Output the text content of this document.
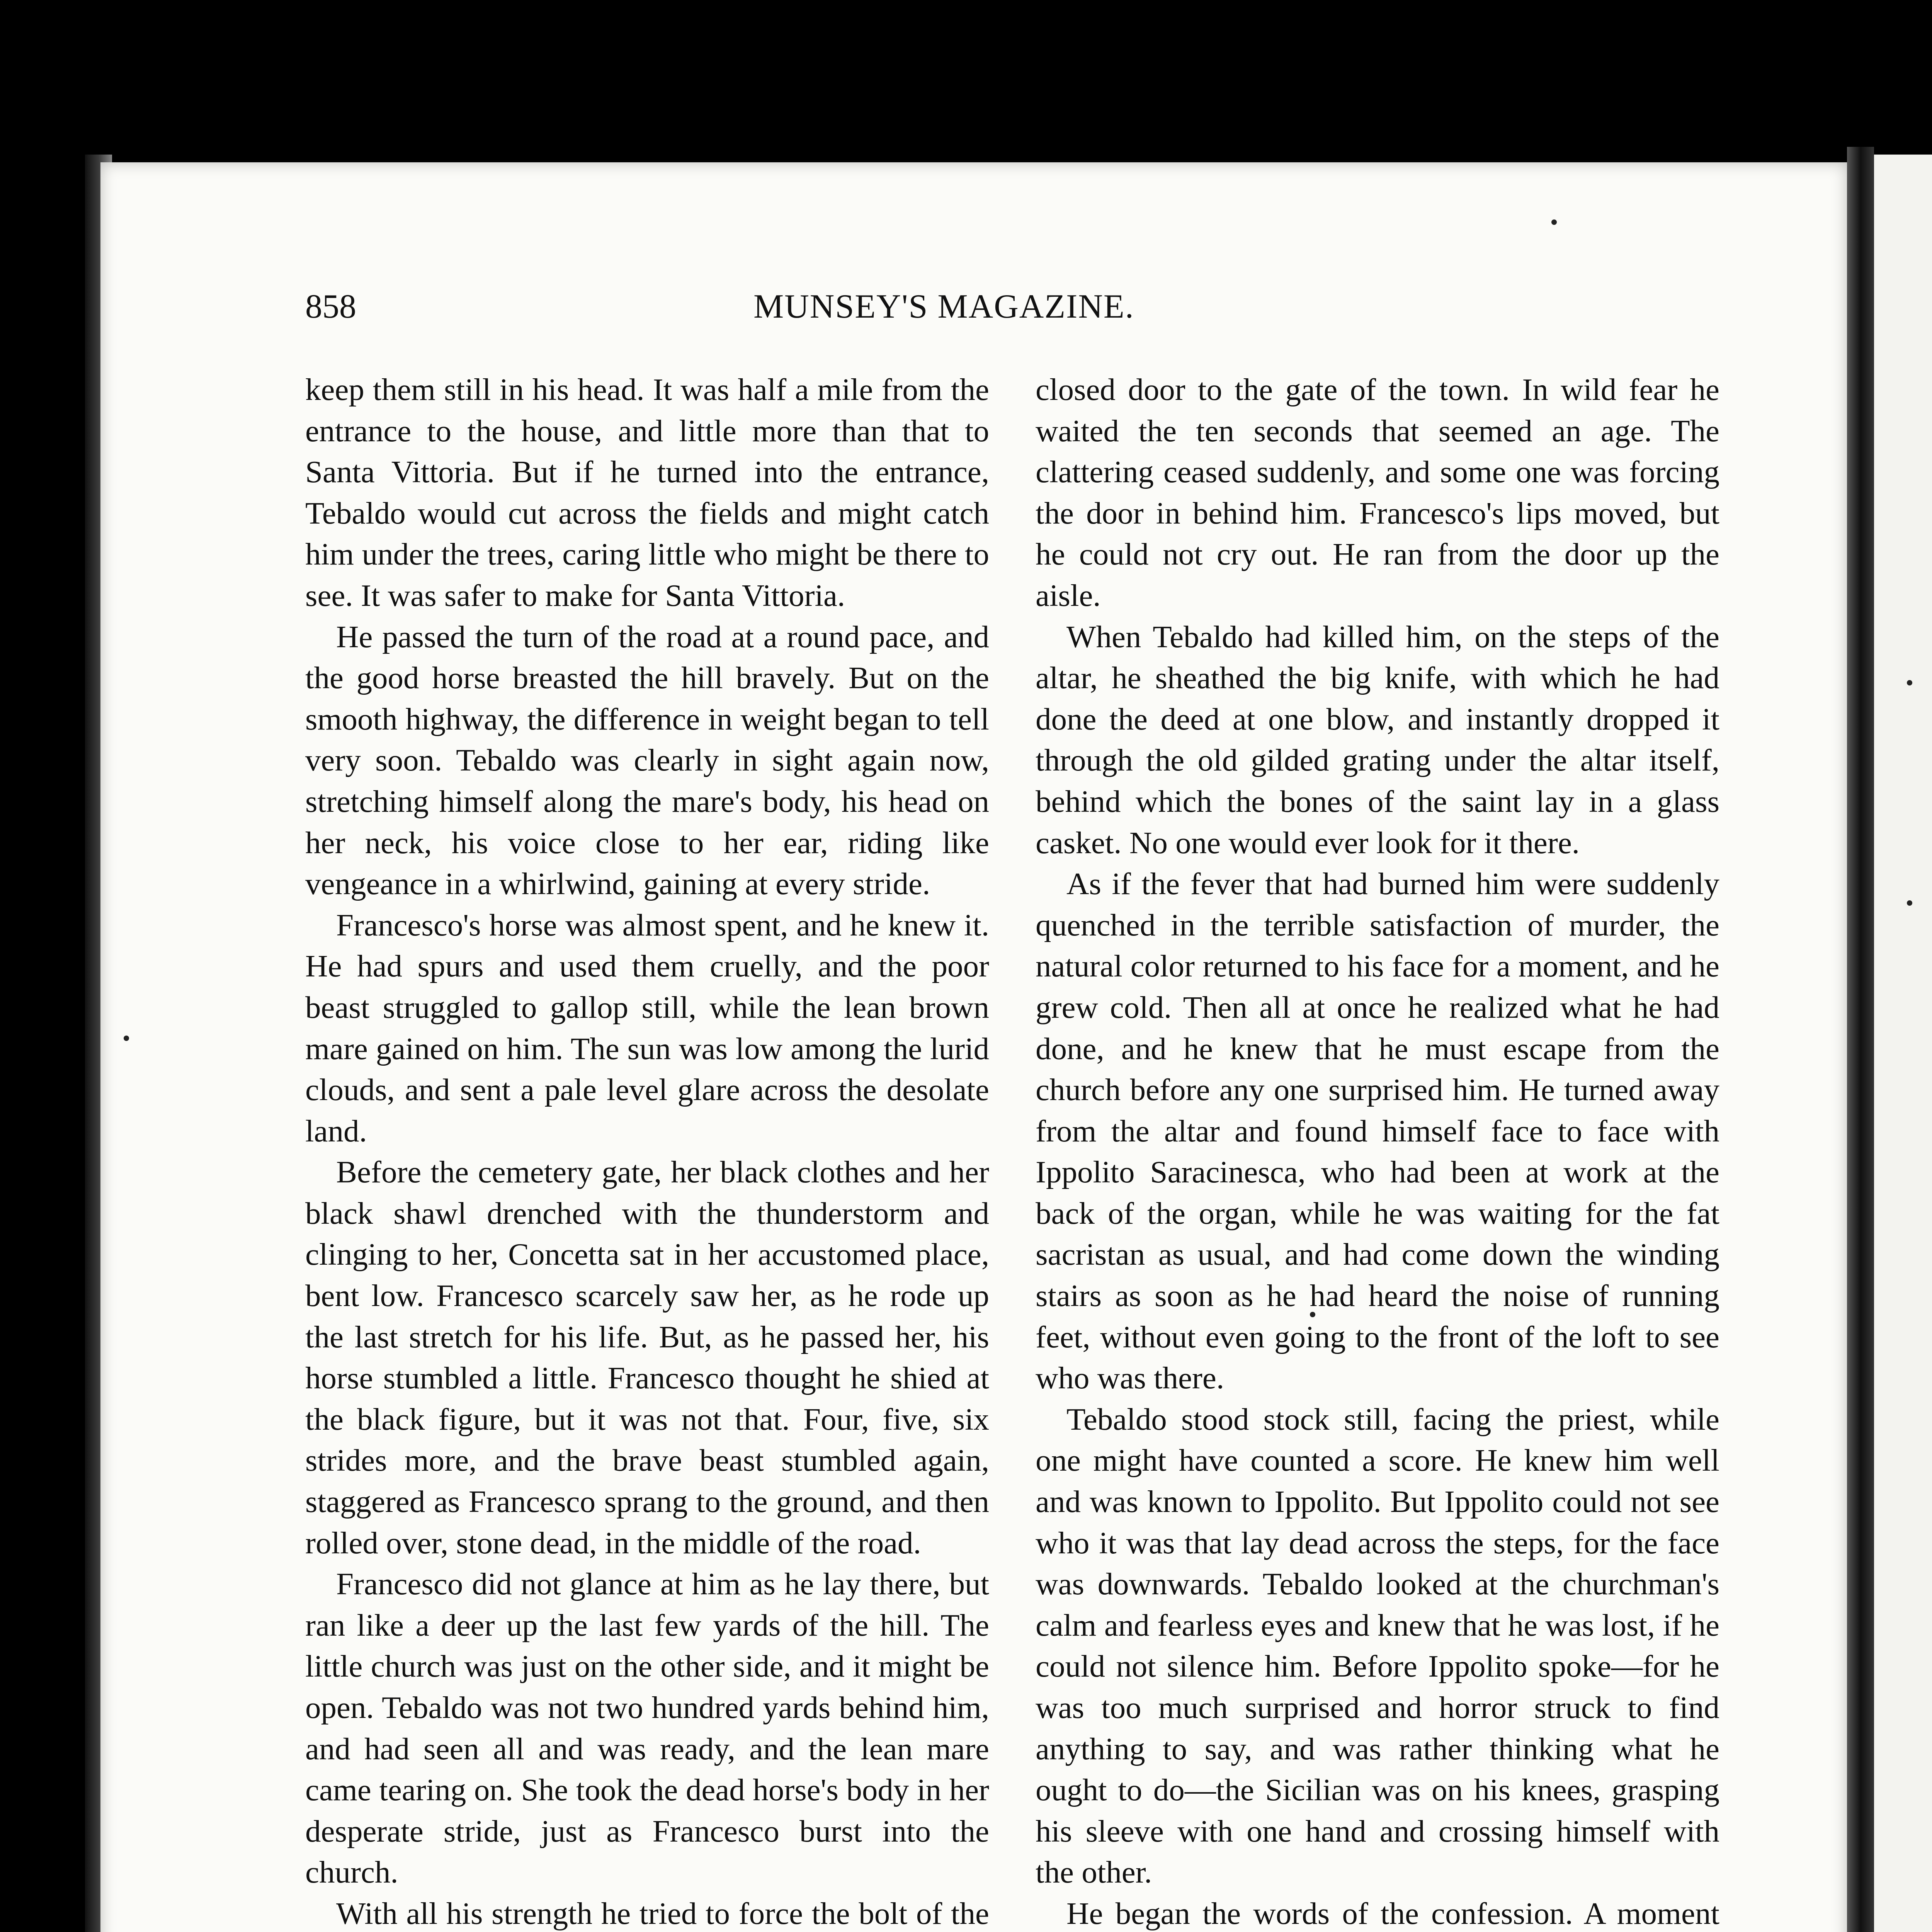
858	MUNSEY'S MAGAZINE.

keep them still in his head. It was half a mile from the entrance to the house, and little more than that to Santa Vittoria. But if he turned into the entrance, Tebaldo would cut across the fields and might catch him under the trees, caring little who might be there to see. It was safer to make for Santa Vittoria.

He passed the turn of the road at a round pace, and the good horse breasted the hill bravely. But on the smooth highway, the difference in weight began to tell very soon. Tebaldo was clearly in sight again now, stretching himself along the mare's body, his head on her neck, his voice close to her ear, riding like vengeance in a whirlwind, gaining at every stride.

Francesco's horse was almost spent, and he knew it. He had spurs and used them cruelly, and the poor beast struggled to gallop still, while the lean brown mare gained on him. The sun was low among the lurid clouds, and sent a pale level glare across the desolate land.

Before the cemetery gate, her black clothes and her black shawl drenched with the thunderstorm and clinging to her, Concetta sat in her accustomed place, bent low. Francesco scarcely saw her, as he rode up the last stretch for his life. But, as he passed her, his horse stumbled a little. Francesco thought he shied at the black figure, but it was not that. Four, five, six strides more, and the brave beast stumbled again, staggered as Francesco sprang to the ground, and then rolled over, stone dead, in the middle of the road.

Francesco did not glance at him as he lay there, but ran like a deer up the last few yards of the hill. The little church was just on the other side, and it might be open. Tebaldo was not two hundred yards behind him, and had seen all and was ready, and the lean mare came tearing on. She took the dead horse's body in her desperate stride, just as Francesco burst into the church.

With all his strength he tried to force the bolt of the

closed door to the gate of the town. In wild fear he waited the ten seconds that seemed an age. The clattering ceased suddenly, and some one was forcing the door in behind him. Francesco's lips moved, but he could not cry out. He ran from the door up the aisle.

When Tebaldo had killed him, on the steps of the altar, he sheathed the big knife, with which he had done the deed at one blow, and instantly dropped it through the old gilded grating under the altar itself, behind which the bones of the saint lay in a glass casket. No one would ever look for it there.

As if the fever that had burned him were suddenly quenched in the terrible satisfaction of murder, the natural color returned to his face for a moment, and he grew cold. Then all at once he realized what he had done, and he knew that he must escape from the church before any one surprised him. He turned away from the altar and found himself face to face with Ippolito Saracinesca, who had been at work at the back of the organ, while he was waiting for the fat sacristan as usual, and had come down the winding stairs as soon as he had heard the noise of running feet, without even going to the front of the loft to see who was there.

Tebaldo stood stock still, facing the priest, while one might have counted a score. He knew him well and was known to Ippolito. But Ippolito could not see who it was that lay dead across the steps, for the face was downwards. Tebaldo looked at the churchman's calm and fearless eyes and knew that he was lost, if he could not silence him. Before Ippolito spoke—for he was too much surprised and horror struck to find anything to say, and was rather thinking what he ought to do—the Sicilian was on his knees, grasping his sleeve with one hand and crossing himself with the other.

He began the words of the confession. A moment
